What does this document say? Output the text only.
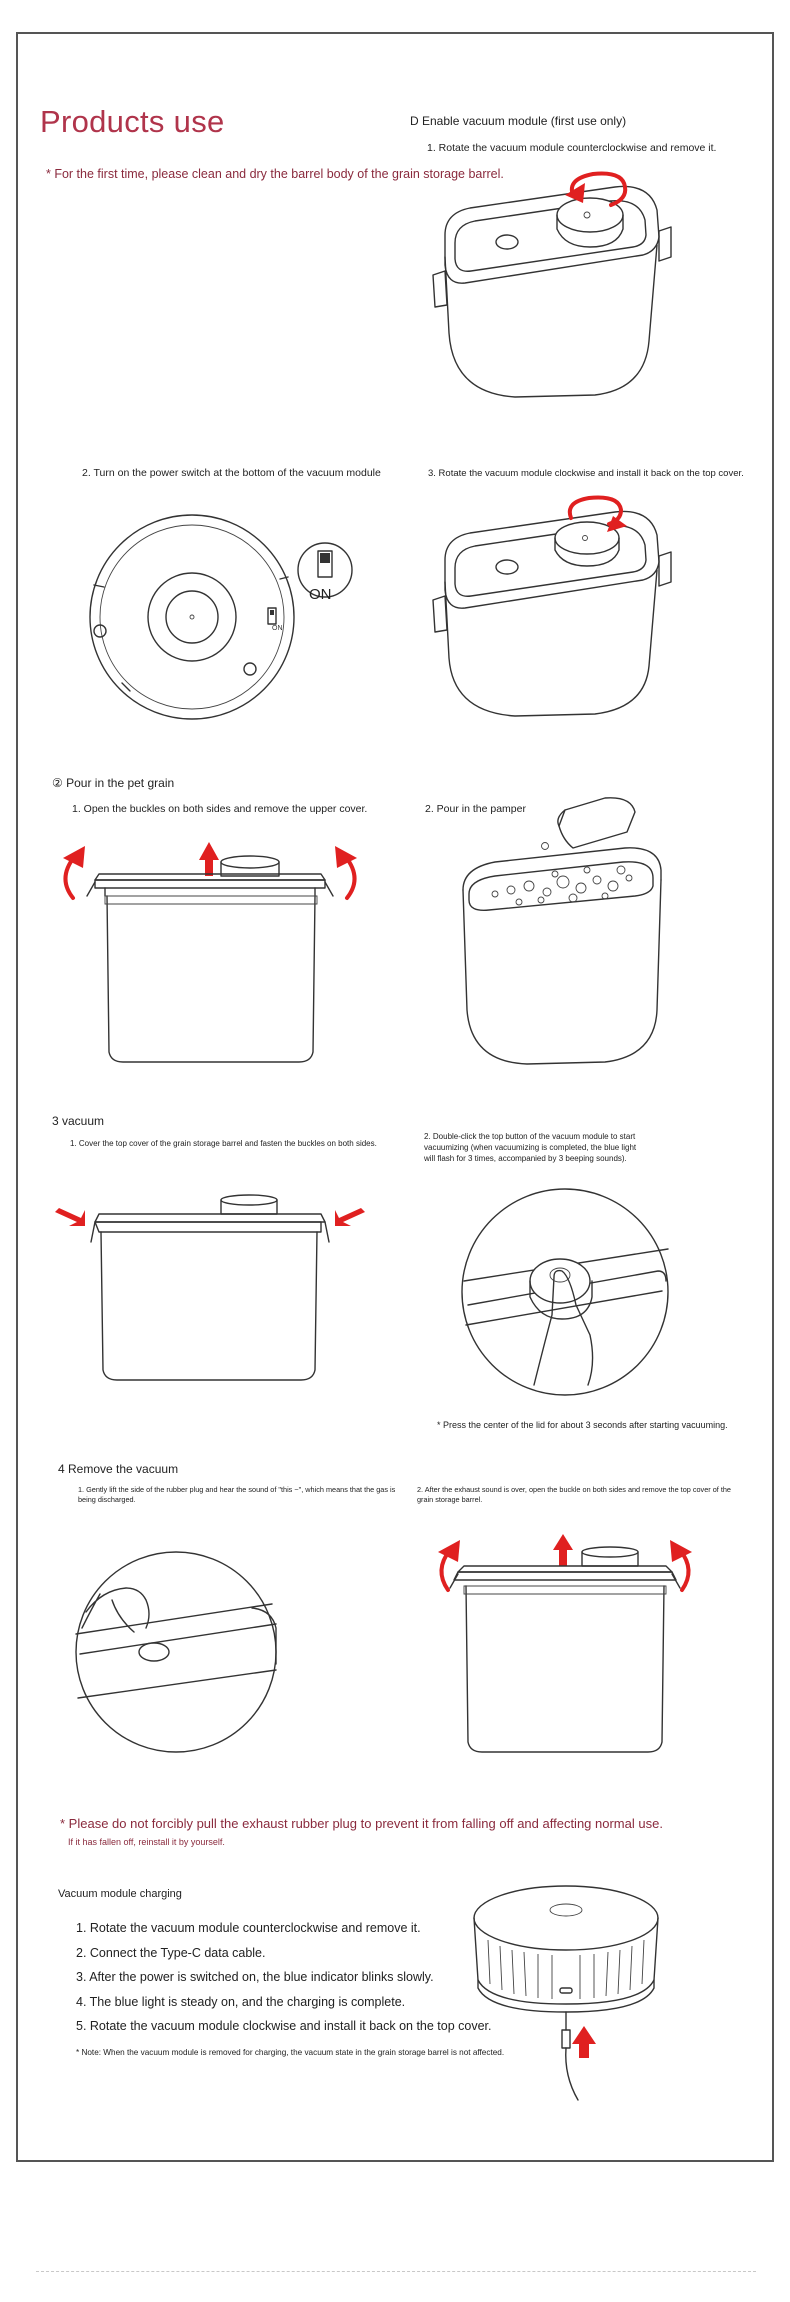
Products use
* For the first time, please clean and dry the barrel body of the grain storage barrel.
D Enable vacuum module (first use only)
1. Rotate the vacuum module counterclockwise and remove it.
2. Turn on the power switch at the bottom of the vacuum module	3. Rotate the vacuum module clockwise and install it back on the top cover.
ON
ON
② Pour in the pet grain
1. Open the buckles on both sides and remove the upper cover.	2. Pour in the pamper
3 vacuum
1. Cover the top cover of the grain storage barrel and fasten the buckles on both sides.
2. Double-click the top button of the vacuum module to start
vacuumizing (when vacuumizing is completed, the blue light
will flash for 3 times, accompanied by 3 beeping sounds).
* Press the center of the lid for about 3 seconds after starting vacuuming.
4 Remove the vacuum
1. Gently lift the side of the rubber plug and hear the sound of "this ~", which means that the gas is
being discharged.
2. After the exhaust sound is over, open the buckle on both sides and remove the top cover of the
grain storage barrel.
* Please do not forcibly pull the exhaust rubber plug to prevent it from falling off and affecting normal use.
If it has fallen off, reinstall it by yourself.
Vacuum module charging
1. Rotate the vacuum module counterclockwise and remove it.
2. Connect the Type-C data cable.
3. After the power is switched on, the blue indicator blinks slowly.
4. The blue light is steady on, and the charging is complete.
5. Rotate the vacuum module clockwise and install it back on the top cover.
* Note: When the vacuum module is removed for charging, the vacuum state in the grain storage barrel is not affected.
